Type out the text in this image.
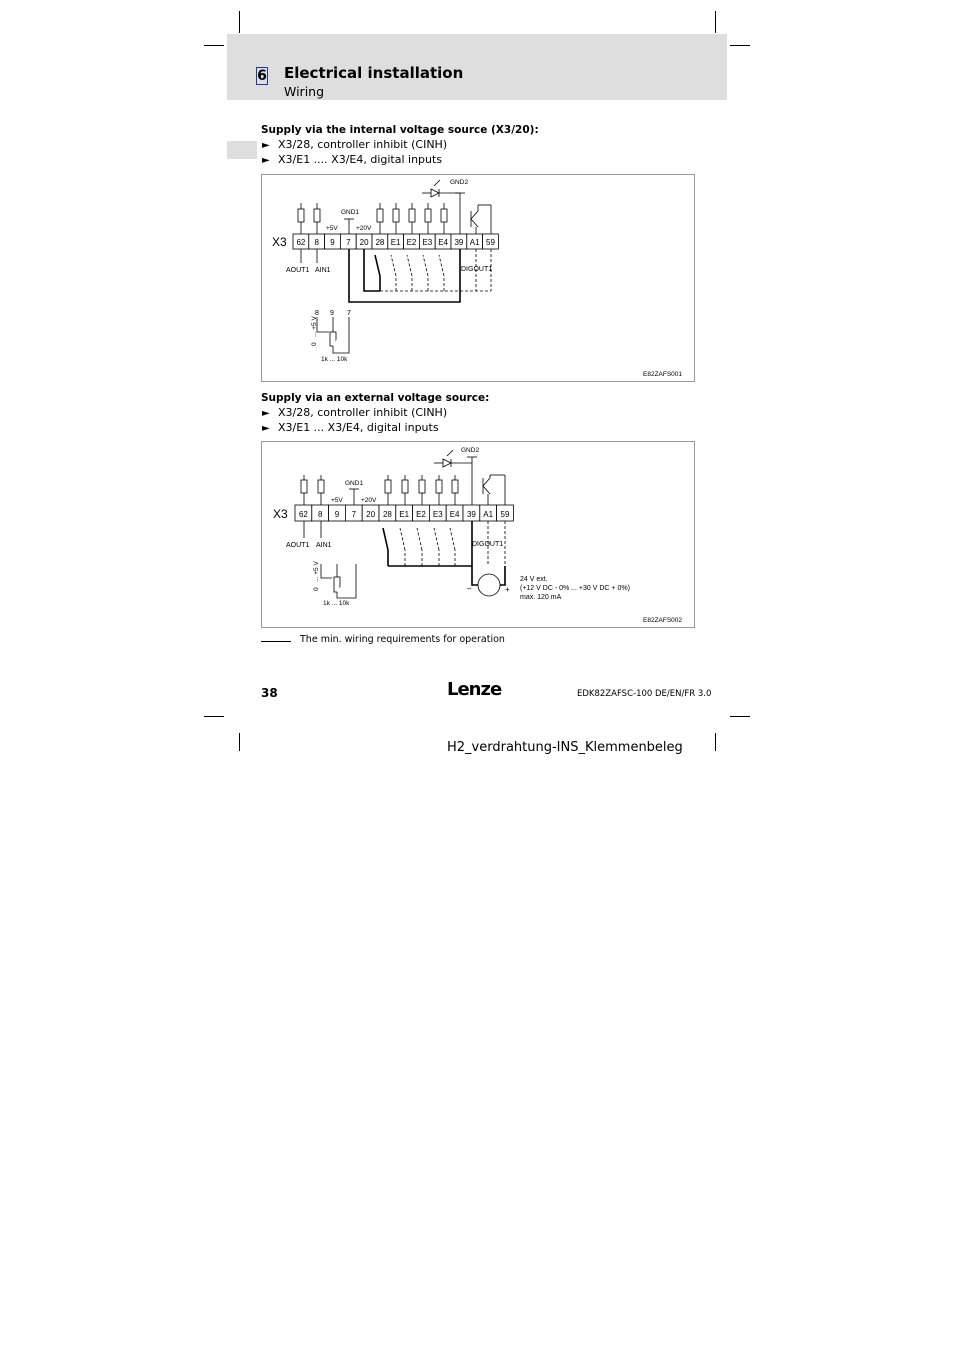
6 Electrical installation
Wiring
Supply via the internal voltage source (X3/20):
► X3/28, controller inhibit (CINH)
► X3/E1 .... X3/E4, digital inputs
X3 62 8 9 7 20 28 E1 E2 E3 E4 39 A1 59
GND2
GND1
+5V	+20V
AOUT1 AIN1	DIGOUT1
8 9 7
0
... +5 V
1k ... 10k
E82ZAFS001
Supply via an external voltage source:
► X3/28, controller inhibit (CINH)
► X3/E1 ... X3/E4, digital inputs
X3 62 8 9 7 20 28 E1 E2 E3 E4 39 A1 59
GND2
GND1
+5V	+20V
AOUT1 AIN1	DIGOUT1
–	+
24 V ext.
(+12 V DC - 0% ... +30 V DC + 0%)
max. 120 mA
0
... +5 V
1k ... 10k
E82ZAFS002
The min. wiring requirements for operation
38	Lenze	EDK82ZAFSC-100 DE/EN/FR 3.0
H2_verdrahtung-INS_Klemmenbeleg
